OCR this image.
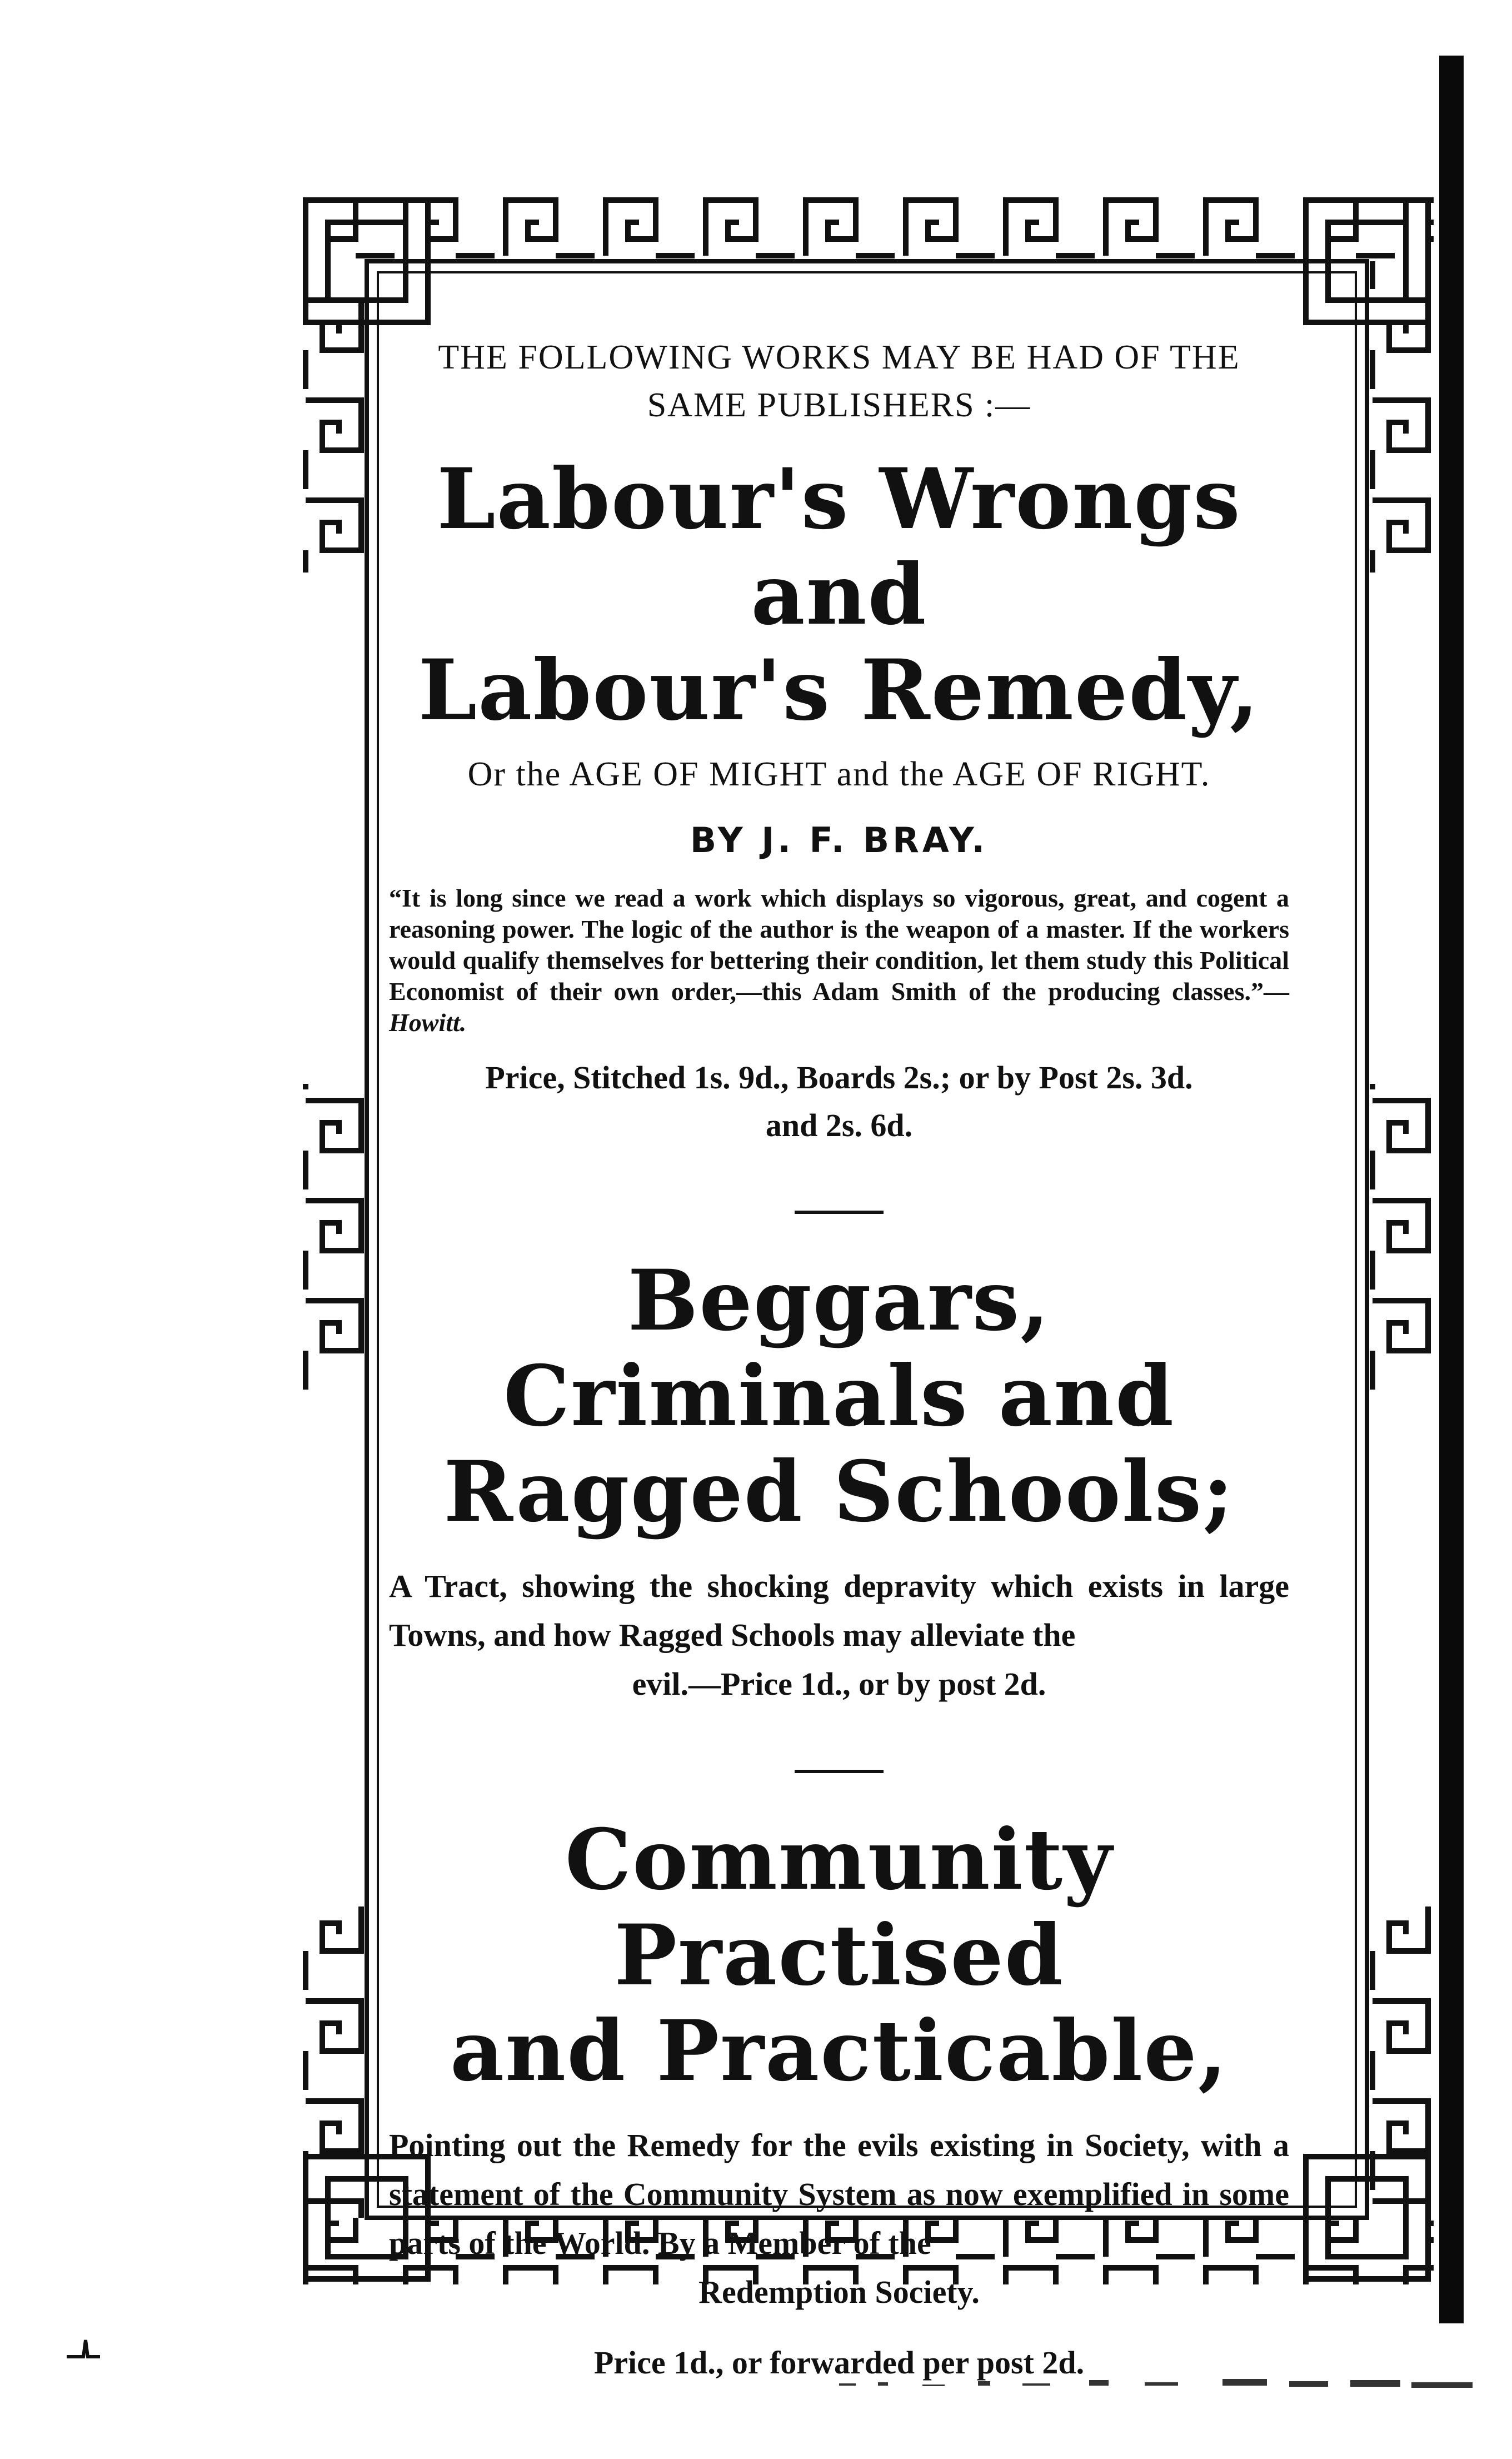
THE FOLLOWING WORKS MAY BE HAD OF THE

SAME PUBLISHERS :—

Labour's Wrongs and

Labour's Remedy,

Or the AGE OF MIGHT and the AGE OF RIGHT.

BY J. F. BRAY.

“It is long since we read a work which displays so vigorous, great, and cogent a reasoning power. The logic of the author is the weapon of a master. If the workers would qualify themselves for bettering their condition, let them study this Political Economist of their own order,—this Adam Smith of the producing classes.”—Howitt.

Price, Stitched 1s. 9d., Boards 2s.; or by Post 2s. 3d.

and 2s. 6d.

Beggars, Criminals and

Ragged Schools;

A Tract, showing the shocking depravity which exists in large Towns, and how Ragged Schools may alleviate the

evil.—Price 1d., or by post 2d.

Community Practised

and Practicable,

Pointing out the Remedy for the evils existing in Society, with a statement of the Community System as now exemplified in some parts of the World. By a Member of the

Redemption Society.

Price 1d., or forwarded per post 2d.
